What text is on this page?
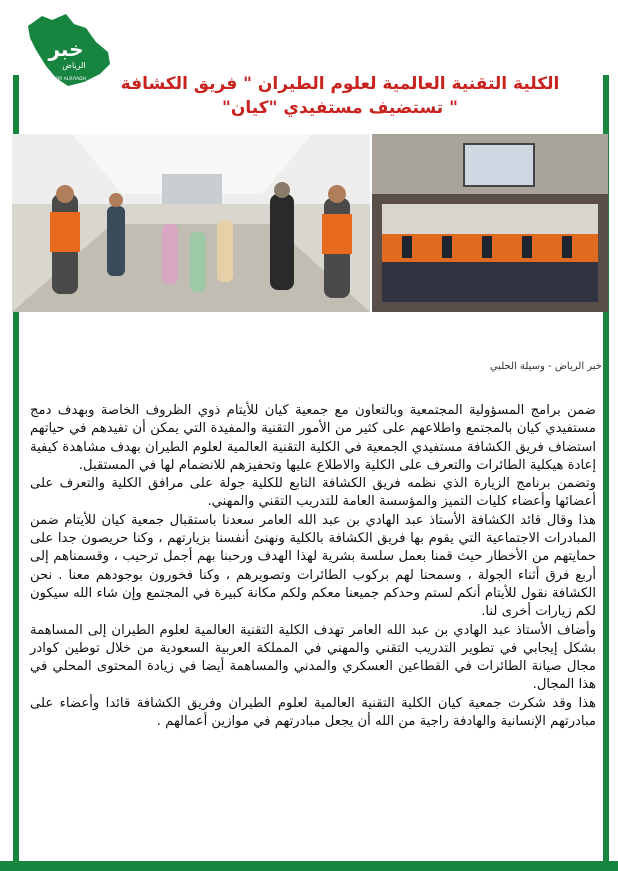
خبر
الرياض
KHBR ALRIYADH الكلية التقنية العالمية لعلوم الطيران " فريق الكشافة " تستضيف مستفيدي "كيان"
خبر الرياض - وسيلة الحلبي

ضمن برامج المسؤولية المجتمعية وبالتعاون مع جمعية كيان للأيتام ذوي الظروف الخاصة وبهدف دمج مستفيدي كيان بالمجتمع واطلاعهم على كثير من الأمور التقنية والمفيدة التي يمكن أن تفيدهم في حياتهم استضاف فريق الكشافة مستفيدي الجمعية في الكلية التقنية العالمية لعلوم الطيران بهدف مشاهدة كيفية إعادة هيكلية الطائرات والتعرف على الكلية والاطلاع عليها وتحفيزهم للانضمام لها في المستقبل.

وتضمن برنامج الزيارة الذي نظمه فريق الكشافة التابع للكلية جولة على مرافق الكلية والتعرف على أعضائها وأعضاء كليات التميز والمؤسسة العامة للتدريب التقني والمهني.

هذا وقال قائد الكشافة الأستاذ عبد الهادي بن عبد الله العامر سعدنا باستقبال جمعية كيان للأيتام ضمن المبادرات الاجتماعية التي يقوم بها فريق الكشافة بالكلية ونهنئ أنفسنا بزيارتهم ، وكنا حريصون جدا على حمايتهم من الأخطار حيث قمنا بعمل سلسة بشرية لهذا الهدف ورحبنا بهم أجمل ترحيب ، وقسمناهم إلى أربع فرق أثناء الجولة ، وسمحنا لهم بركوب الطائرات وتصويرهم ، وكنا فخورون بوجودهم معنا . نحن الكشافة نقول للأيتام أنكم لستم وحدكم جميعنا معكم ولكم مكانة كبيرة في المجتمع وإن شاء الله سيكون لكم زيارات أخرى لنا.

وأضاف الأستاذ عبد الهادي بن عبد الله العامر تهدف الكلية التقنية العالمية لعلوم الطيران إلى المساهمة بشكل إيجابي في تطوير التدريب التقني والمهني في المملكة العربية السعودية من خلال توطين كوادر مجال صيانة الطائرات في القطاعين العسكري والمدني والمساهمة أيضا في زيادة المحتوى المحلي في هذا المجال.

هذا وقد شكرت جمعية كيان الكلية التقنية العالمية لعلوم الطيران وفريق الكشافة قائدا وأعضاء على مبادرتهم الإنسانية والهادفة راجية من الله أن يجعل مبادرتهم في موازين أعمالهم .
